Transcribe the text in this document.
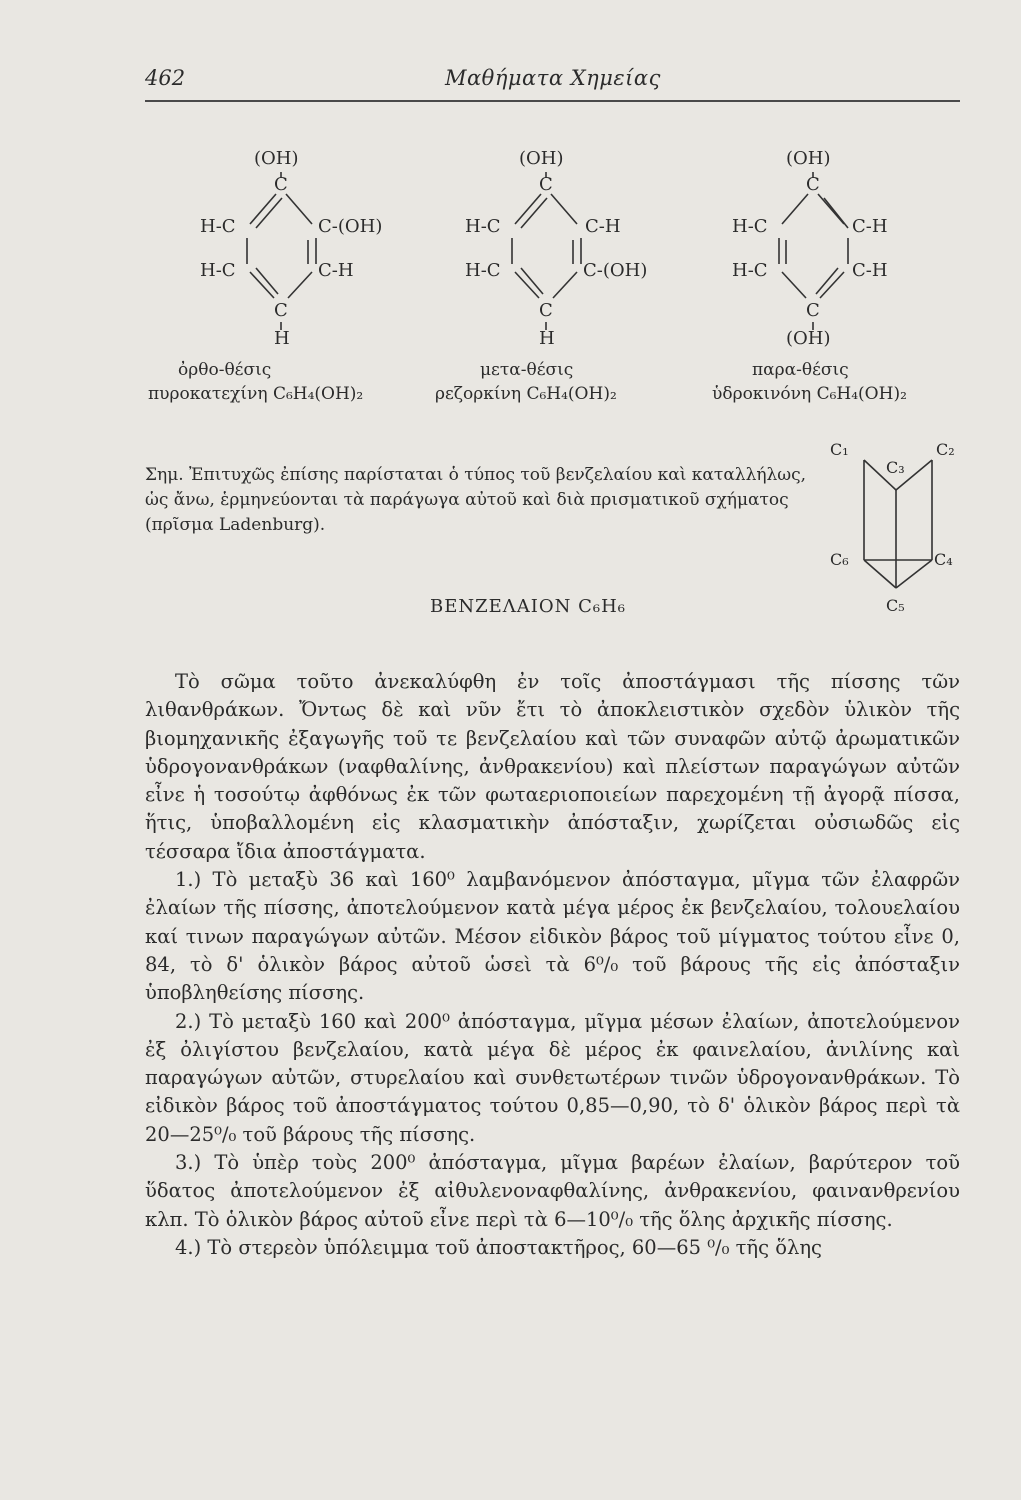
462	Μαθήματα Χημείας
(OH)
C
H-C	C-(OH)
H-C	C-H
C
H
ὀρθο-θέσις
πυροκατεχίνη C₆H₄(OH)₂
(OH)
C
H-C	C-H
H-C	C-(OH)
C
H
μετα-θέσις
ρεζορκίνη C₆H₄(OH)₂
(OH)
C
H-C	C-H
H-C	C-H
C
(OH)
παρα-θέσις
ὑδροκινόνη C₆H₄(OH)₂
C₁	C₂
C₃
C₄
C₅
C₆

Σημ. Ἐπιτυχῶς ἐπίσης παρίσταται ὁ τύπος τοῦ βενζελαίου καὶ καταλλήλως, ὡς ἄνω, ἑρμηνεύονται τὰ παράγωγα αὐτοῦ καὶ διὰ πρισματικοῦ σχήματος (πρῖσμα Ladenburg).

ΒΕΝΖΕΛΑΙΟΝ C₆H₆

Τὸ σῶμα τοῦτο ἀνεκαλύφθη ἐν τοῖς ἀποστάγμασι τῆς πίσσης τῶν λιθανθράκων. Ὄντως δὲ καὶ νῦν ἔτι τὸ ἀποκλειστικὸν σχεδὸν ὑλικὸν τῆς βιομηχανικῆς ἐξαγωγῆς τοῦ τε βενζελαίου καὶ τῶν συναφῶν αὐτῷ ἀρωματικῶν ὑδρογονανθράκων (ναφθαλίνης, ἀνθρακενίου) καὶ πλείστων παραγώγων αὐτῶν εἶνε ἡ τοσούτῳ ἀφθόνως ἐκ τῶν φωταεριοποιείων παρεχομένη τῇ ἀγορᾷ πίσσα, ἥτις, ὑποβαλλομένη εἰς κλασματικὴν ἀπόσταξιν, χωρίζεται οὐσιωδῶς εἰς τέσσαρα ἴδια ἀποστάγματα.

1.) Τὸ μεταξὺ 36 καὶ 160⁰ λαμβανόμενον ἀπόσταγμα, μῖγμα τῶν ἐλαφρῶν ἐλαίων τῆς πίσσης, ἀποτελούμενον κατὰ μέγα μέρος ἐκ βενζελαίου, τολουελαίου καί τινων παραγώγων αὐτῶν. Μέσον εἰδικὸν βάρος τοῦ μίγματος τούτου εἶνε 0, 84, τὸ δ' ὁλικὸν βάρος αὐτοῦ ὡσεὶ τὰ 6⁰/₀ τοῦ βάρους τῆς εἰς ἀπόσταξιν ὑποβληθείσης πίσσης.

2.) Τὸ μεταξὺ 160 καὶ 200⁰ ἀπόσταγμα, μῖγμα μέσων ἐλαίων, ἀποτελούμενον ἐξ ὀλιγίστου βενζελαίου, κατὰ μέγα δὲ μέρος ἐκ φαινελαίου, ἀνιλίνης καὶ παραγώγων αὐτῶν, στυρελαίου καὶ συνθετωτέρων τινῶν ὑδρογονανθράκων. Τὸ εἰδικὸν βάρος τοῦ ἀποστάγματος τούτου 0,85—0,90, τὸ δ' ὁλικὸν βάρος περὶ τὰ 20—25⁰/₀ τοῦ βάρους τῆς πίσσης.

3.) Τὸ ὑπὲρ τοὺς 200⁰ ἀπόσταγμα, μῖγμα βαρέων ἐλαίων, βαρύτερον τοῦ ὕδατος ἀποτελούμενον ἐξ αἰθυλενοναφθαλίνης, ἀνθρακενίου, φαινανθρενίου κλπ. Τὸ ὁλικὸν βάρος αὐτοῦ εἶνε περὶ τὰ 6—10⁰/₀ τῆς ὅλης ἀρχικῆς πίσσης.

4.) Τὸ στερεὸν ὑπόλειμμα τοῦ ἀποστακτῆρος, 60—65 ⁰/₀ τῆς ὅλης
